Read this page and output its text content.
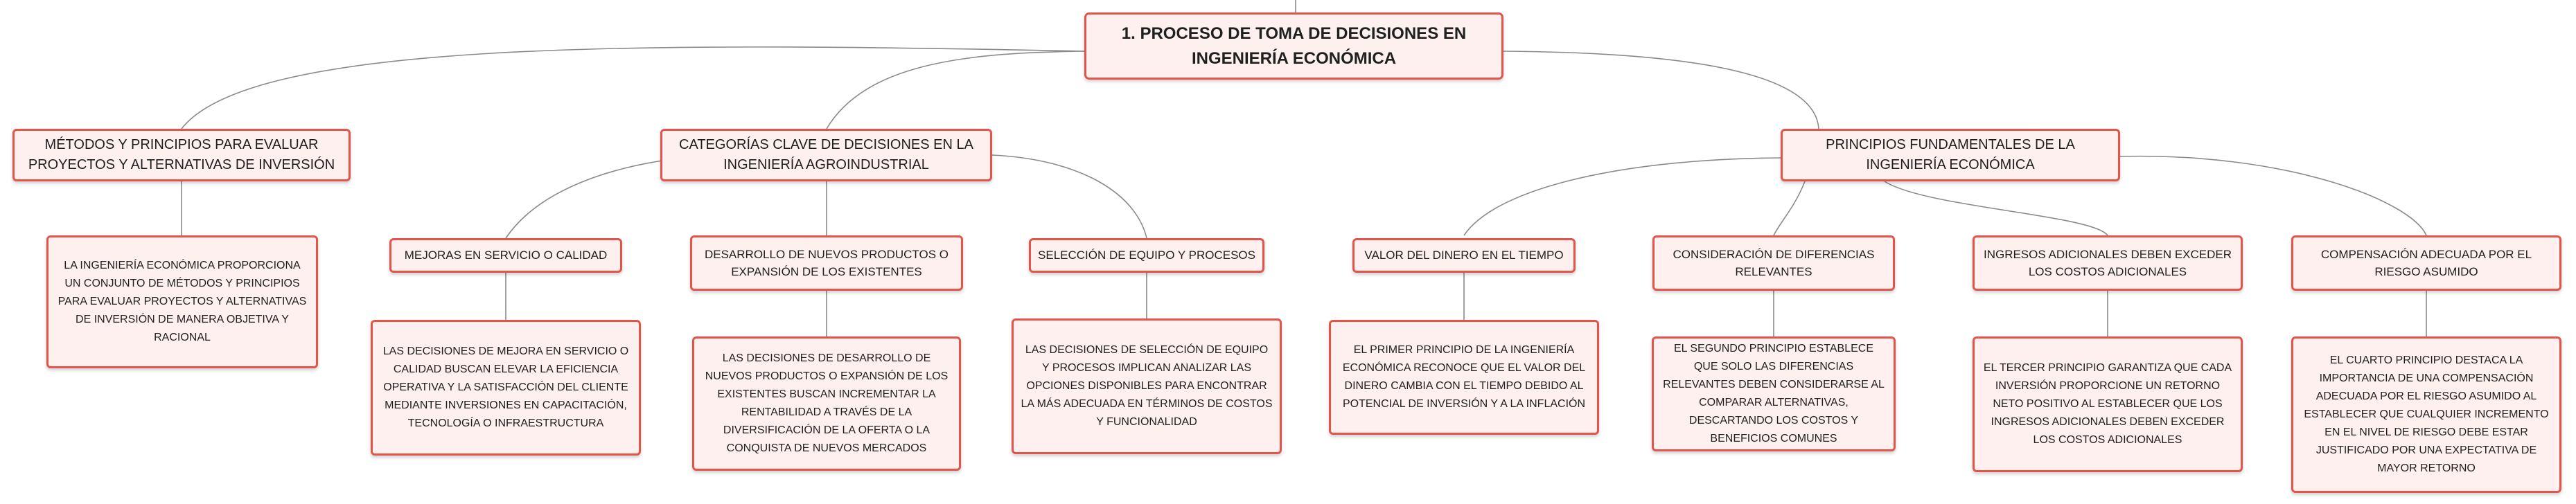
1. PROCESO DE TOMA DE DECISIONES EN INGENIERÍA ECONÓMICA
MÉTODOS Y PRINCIPIOS PARA EVALUAR PROYECTOS Y ALTERNATIVAS DE INVERSIÓN
LA INGENIERÍA ECONÓMICA PROPORCIONA UN CONJUNTO DE MÉTODOS Y PRINCIPIOS PARA EVALUAR PROYECTOS Y ALTERNATIVAS DE INVERSIÓN DE MANERA OBJETIVA Y RACIONAL
CATEGORÍAS CLAVE DE DECISIONES EN LA INGENIERÍA AGROINDUSTRIAL
MEJORAS EN SERVICIO O CALIDAD
LAS DECISIONES DE MEJORA EN SERVICIO O CALIDAD BUSCAN ELEVAR LA EFICIENCIA OPERATIVA Y LA SATISFACCIÓN DEL CLIENTE MEDIANTE INVERSIONES EN CAPACITACIÓN, TECNOLOGÍA O INFRAESTRUCTURA
DESARROLLO DE NUEVOS PRODUCTOS O EXPANSIÓN DE LOS EXISTENTES
LAS DECISIONES DE DESARROLLO DE NUEVOS PRODUCTOS O EXPANSIÓN DE LOS EXISTENTES BUSCAN INCREMENTAR LA RENTABILIDAD A TRAVÉS DE LA DIVERSIFICACIÓN DE LA OFERTA O LA CONQUISTA DE NUEVOS MERCADOS
SELECCIÓN DE EQUIPO Y PROCESOS
LAS DECISIONES DE SELECCIÓN DE EQUIPO Y PROCESOS IMPLICAN ANALIZAR LAS OPCIONES DISPONIBLES PARA ENCONTRAR LA MÁS ADECUADA EN TÉRMINOS DE COSTOS Y FUNCIONALIDAD
PRINCIPIOS FUNDAMENTALES DE LA INGENIERÍA ECONÓMICA
VALOR DEL DINERO EN EL TIEMPO
EL PRIMER PRINCIPIO DE LA INGENIERÍA ECONÓMICA RECONOCE QUE EL VALOR DEL DINERO CAMBIA CON EL TIEMPO DEBIDO AL POTENCIAL DE INVERSIÓN Y A LA INFLACIÓN
CONSIDERACIÓN DE DIFERENCIAS RELEVANTES
EL SEGUNDO PRINCIPIO ESTABLECE QUE SOLO LAS DIFERENCIAS RELEVANTES DEBEN CONSIDERARSE AL COMPARAR ALTERNATIVAS, DESCARTANDO LOS COSTOS Y BENEFICIOS COMUNES
INGRESOS ADICIONALES DEBEN EXCEDER LOS COSTOS ADICIONALES
EL TERCER PRINCIPIO GARANTIZA QUE CADA INVERSIÓN PROPORCIONE UN RETORNO NETO POSITIVO AL ESTABLECER QUE LOS INGRESOS ADICIONALES DEBEN EXCEDER LOS COSTOS ADICIONALES
COMPENSACIÓN ADECUADA POR EL RIESGO ASUMIDO
EL CUARTO PRINCIPIO DESTACA LA IMPORTANCIA DE UNA COMPENSACIÓN ADECUADA POR EL RIESGO ASUMIDO AL ESTABLECER QUE CUALQUIER INCREMENTO EN EL NIVEL DE RIESGO DEBE ESTAR JUSTIFICADO POR UNA EXPECTATIVA DE MAYOR RETORNO
